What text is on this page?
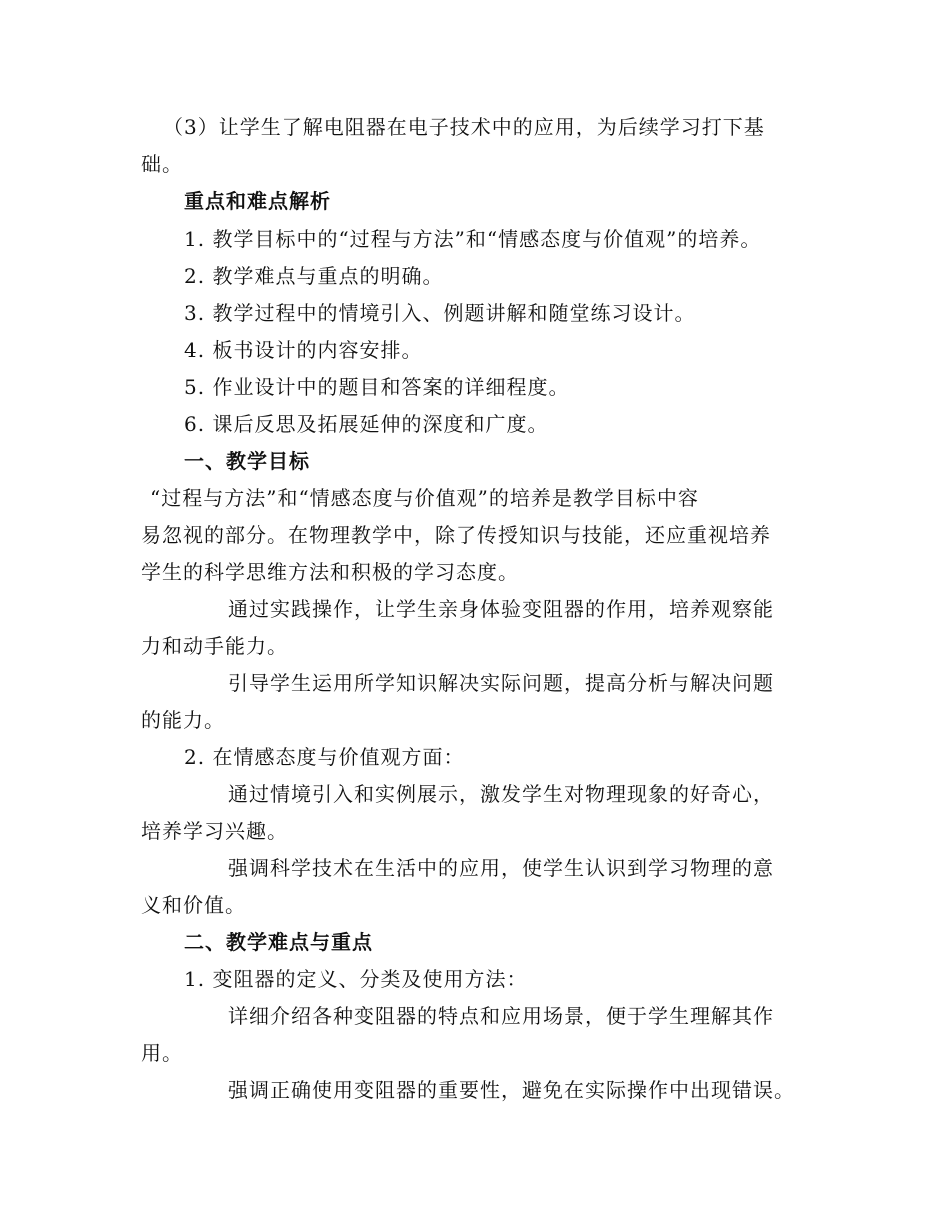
（3）让学生了解电阻器在电子技术中的应用，为后续学习打下基
础。
重点和难点解析
1. 教学目标中的“过程与方法”和“情感态度与价值观”的培养。
2. 教学难点与重点的明确。
3. 教学过程中的情境引入、例题讲解和随堂练习设计。
4. 板书设计的内容安排。
5. 作业设计中的题目和答案的详细程度。
6. 课后反思及拓展延伸的深度和广度。
一、教学目标
“过程与方法”和“情感态度与价值观”的培养是教学目标中容
易忽视的部分。在物理教学中，除了传授知识与技能，还应重视培养
学生的科学思维方法和积极的学习态度。
通过实践操作，让学生亲身体验变阻器的作用，培养观察能
力和动手能力。
引导学生运用所学知识解决实际问题，提高分析与解决问题
的能力。
2. 在情感态度与价值观方面：
通过情境引入和实例展示，激发学生对物理现象的好奇心，
培养学习兴趣。
强调科学技术在生活中的应用，使学生认识到学习物理的意
义和价值。
二、教学难点与重点
1. 变阻器的定义、分类及使用方法：
详细介绍各种变阻器的特点和应用场景，便于学生理解其作
用。
强调正确使用变阻器的重要性，避免在实际操作中出现错误。
